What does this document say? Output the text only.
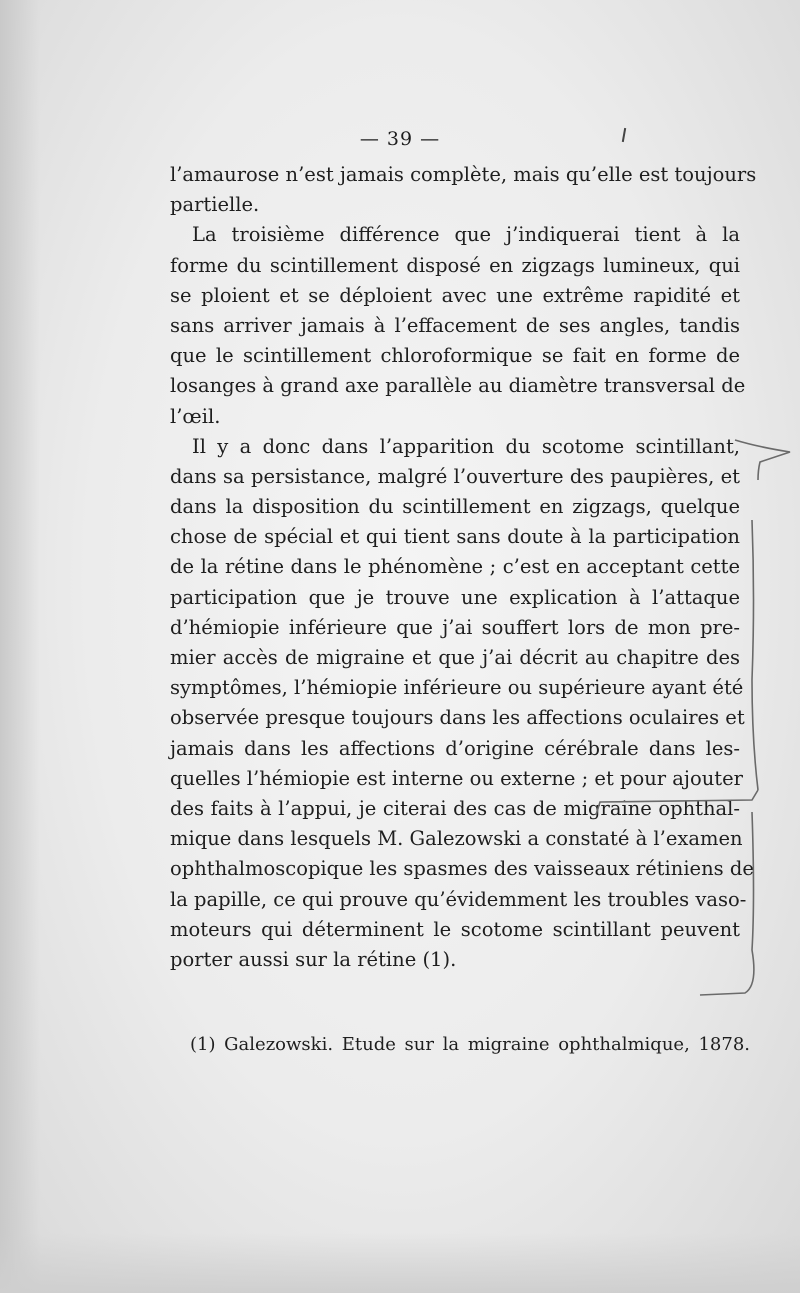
— 39 —
l’amaurose n’est jamais complète, mais qu’elle est toujours
partielle.
La troisième différence que j’indiquerai tient à la
forme du scintillement disposé en zigzags lumineux, qui
se ploient et se déploient avec une extrême rapidité et
sans arriver jamais à l’effacement de ses angles, tandis
que le scintillement chloroformique se fait en forme de
losanges à grand axe parallèle au diamètre transversal de
l’œil.
Il y a donc dans l’apparition du scotome scintillant,
dans sa persistance, malgré l’ouverture des paupières, et
dans la disposition du scintillement en zigzags, quelque
chose de spécial et qui tient sans doute à la participation
de la rétine dans le phénomène ; c’est en acceptant cette
participation que je trouve une explication à l’attaque
d’hémiopie inférieure que j’ai souffert lors de mon pre-
mier accès de migraine et que j’ai décrit au chapitre des
symptômes, l’hémiopie inférieure ou supérieure ayant été
observée presque toujours dans les affections oculaires et
jamais dans les affections d’origine cérébrale dans les-
quelles l’hémiopie est interne ou externe ; et pour ajouter
des faits à l’appui, je citerai des cas de migraine ophthal-
mique dans lesquels M. Galezowski a constaté à l’examen
ophthalmoscopique les spasmes des vaisseaux rétiniens de
la papille, ce qui prouve qu’évidemment les troubles vaso-
moteurs qui déterminent le scotome scintillant peuvent
porter aussi sur la rétine (1).
(1) Galezowski. Etude sur la migraine ophthalmique, 1878.
